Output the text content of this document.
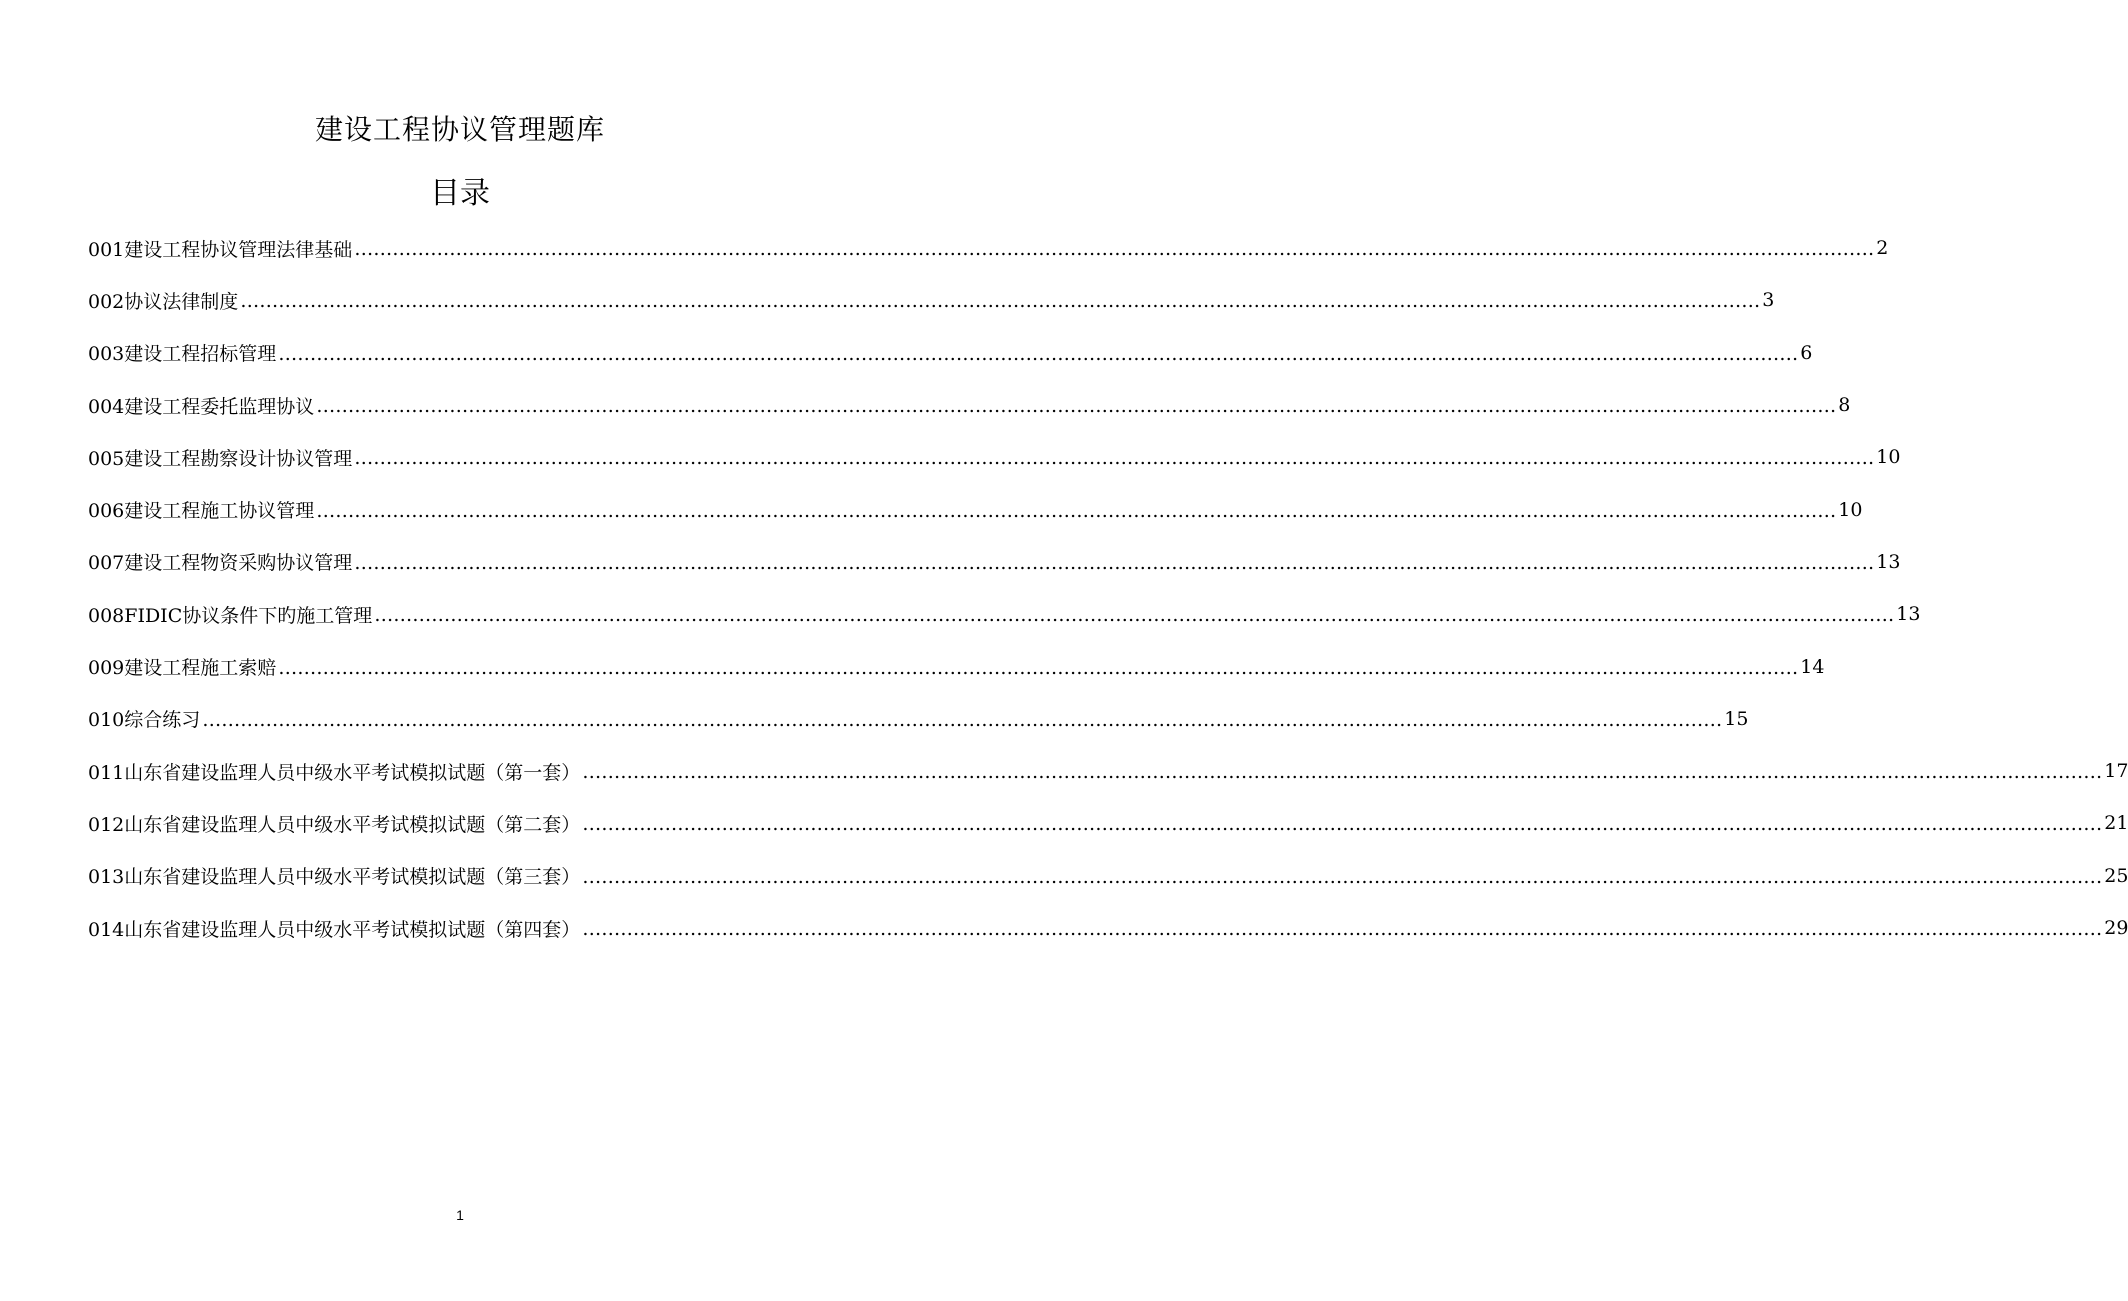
建设工程协议管理题库
目录
001建设工程协议管理法律基础 …………………………………………………………………………………………………………………………………………………………………………………………………………………… 2
002协议法律制度 …………………………………………………………………………………………………………………………………………………………………………………………………………………… 3
003建设工程招标管理 …………………………………………………………………………………………………………………………………………………………………………………………………………………… 6
004建设工程委托监理协议 …………………………………………………………………………………………………………………………………………………………………………………………………………………… 8
005建设工程勘察设计协议管理 …………………………………………………………………………………………………………………………………………………………………………………………………………………… 10
006建设工程施工协议管理 …………………………………………………………………………………………………………………………………………………………………………………………………………………… 10
007建设工程物资采购协议管理 …………………………………………………………………………………………………………………………………………………………………………………………………………………… 13
008FIDIC协议条件下旳施工管理 …………………………………………………………………………………………………………………………………………………………………………………………………………………… 13
009建设工程施工索赔 …………………………………………………………………………………………………………………………………………………………………………………………………………………… 14
010综合练习 …………………………………………………………………………………………………………………………………………………………………………………………………………………… 15
011山东省建设监理人员中级水平考试模拟试题（第一套） …………………………………………………………………………………………………………………………………………………………………………………………………………………… 17
012山东省建设监理人员中级水平考试模拟试题（第二套） …………………………………………………………………………………………………………………………………………………………………………………………………………………… 21
013山东省建设监理人员中级水平考试模拟试题（第三套） …………………………………………………………………………………………………………………………………………………………………………………………………………………… 25
014山东省建设监理人员中级水平考试模拟试题（第四套） …………………………………………………………………………………………………………………………………………………………………………………………………………………… 29
1
